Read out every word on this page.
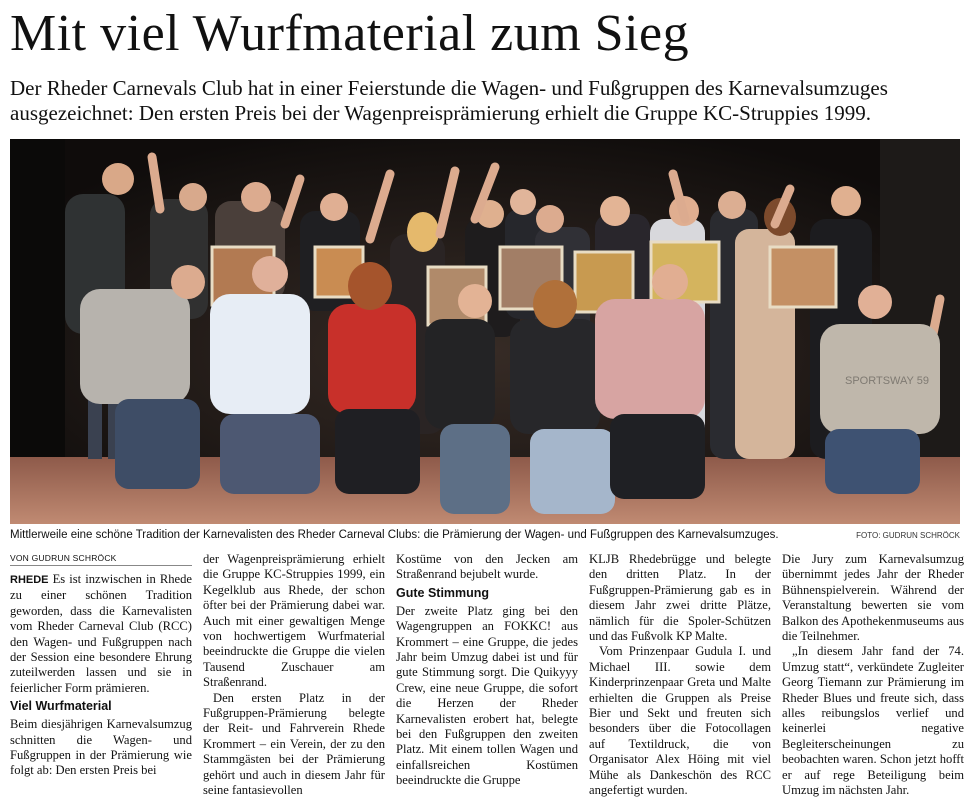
Mit viel Wurfmaterial zum Sieg

Der Rheder Carnevals Club hat in einer Feierstunde die Wagen- und Fußgruppen des Karnevalsumzuges ausgezeichnet: Den ersten Preis bei der Wagenpreisprämierung erhielt die Gruppe KC-Struppies 1999.

SPORTSWAY 59

Mittlerweile eine schöne Tradition der Karnevalisten des Rheder Carneval Clubs: die Prämierung der Wagen- und Fußgruppen des Karnevalsumzuges.	FOTO: GUDRUN SCHRÖCK

VON GUDRUN SCHRÖCK

RHEDE Es ist inzwischen in Rhede zu einer schönen Tradition geworden, dass die Karnevalisten vom Rheder Carneval Club (RCC) den Wagen- und Fußgruppen nach der Session eine besondere Ehrung zuteilwerden lassen und sie in feierlicher Form prämieren.

Viel Wurfmaterial

Beim diesjährigen Karnevalsumzug schnitten die Wagen- und Fußgruppen in der Prämierung wie folgt ab: Den ersten Preis bei

der Wagenpreisprämierung erhielt die Gruppe KC-Struppies 1999, ein Kegelklub aus Rhede, der schon öfter bei der Prämierung dabei war. Auch mit einer gewaltigen Menge von hochwertigem Wurfmaterial beeindruckte die Gruppe die vielen Tausend Zuschauer am Straßenrand.

Den ersten Platz in der Fußgruppen-Prämierung belegte der Reit- und Fahrverein Rhede Krommert – ein Verein, der zu den Stammgästen bei der Prämierung gehört und auch in diesem Jahr für seine fantasievollen

Kostüme von den Jecken am Straßenrand bejubelt wurde.

Gute Stimmung

Der zweite Platz ging bei den Wagengruppen an FOKKC! aus Krommert – eine Gruppe, die jedes Jahr beim Umzug dabei ist und für gute Stimmung sorgt. Die Quikyyy Crew, eine neue Gruppe, die sofort die Herzen der Rheder Karnevalisten erobert hat, belegte bei den Fußgruppen den zweiten Platz. Mit einem tollen Wagen und einfallsreichen Kostümen beeindruckte die Gruppe

KLJB Rhedebrügge und belegte den dritten Platz. In der Fußgruppen-Prämierung gab es in diesem Jahr zwei dritte Plätze, nämlich für die Spoler-Schützen und das Fußvolk KP Malte.

Vom Prinzenpaar Gudula I. und Michael III. sowie dem Kinderprinzenpaar Greta und Malte erhielten die Gruppen als Preise Bier und Sekt und freuten sich besonders über die Fotocollagen auf Textildruck, die von Organisator Alex Höing mit viel Mühe als Dankeschön des RCC angefertigt wurden.

Die Jury zum Karnevalsumzug übernimmt jedes Jahr der Rheder Bühnenspielverein. Während der Veranstaltung bewerten sie vom Balkon des Apothekenmuseums aus die Teilnehmer.

„In diesem Jahr fand der 74. Umzug statt“, verkündete Zugleiter Georg Tiemann zur Prämierung im Rheder Blues und freute sich, dass alles reibungslos verlief und keinerlei negative Begleiterscheinungen zu beobachten waren. Schon jetzt hofft er auf rege Beteiligung beim Umzug im nächsten Jahr.
